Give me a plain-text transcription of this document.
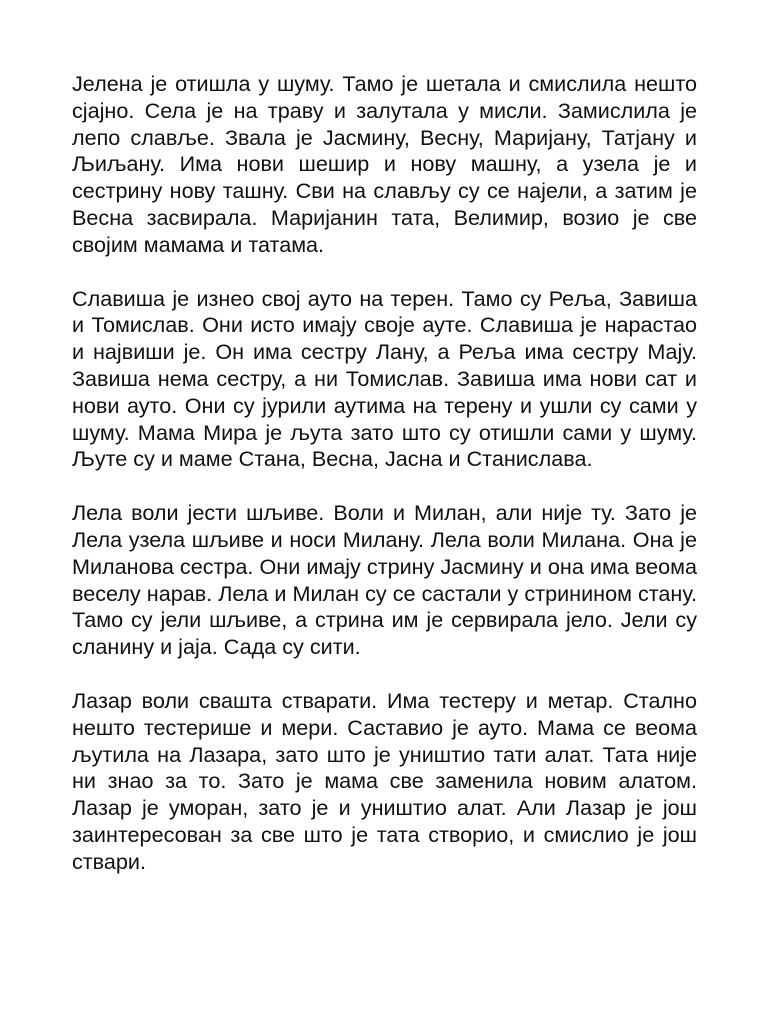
Јелена је отишла у шуму. Тамо је шетала и смислила нешто сјајно. Села је на траву и залутала у мисли. Замислила је лепо славље. Звала је Јасмину, Весну, Маријану, Татјану и Љиљану. Има нови шешир и нову машну, а узела је и сестрину нову ташну. Сви на слављу су се најели, а затим је Весна засвирала. Маријанин тата, Велимир, возио је све својим мамама и татама.

Славиша је изнео свој ауто на терен. Тамо су Рељa, Завиша и Томислав. Они исто имају своје ауте. Славиша је нарастао и највиши је. Он има сестру Лану, а Реља има сестру Мају. Завиша нема сестру, а ни Томислав. Завиша има нови сат и нови ауто. Они су јурили аутима на терену и ушли су сами у шуму. Мама Мира је љута зато што су отишли сами у шуму. Љуте су и маме Стана, Весна, Јасна и Станислава.

Лела воли јести шљиве. Воли и Милан, али није ту. Зато је Лела узела шљиве и носи Милану. Лела воли Милана. Она је Миланова сестра. Они имају стрину Јасмину и она има веома веселу нарав. Лела и Милан су се састали у стрининoм стану. Тамо су јели шљиве, а стрина им је сервирала јело. Јели су сланину и јаја. Сада су сити.

Лазар воли свашта стварати. Има тестеру и метар. Стално нешто тестерише и мери. Саставио је ауто. Мама се веома љутила на Лазара, зато што је уништио тати алат. Тата није ни знао за то. Зато је мама све заменила новим алатом. Лазар је уморан, зато је и уништио алат. Али Лазар је још заинтересован за све што је тата створио, и смислио је још ствари.
